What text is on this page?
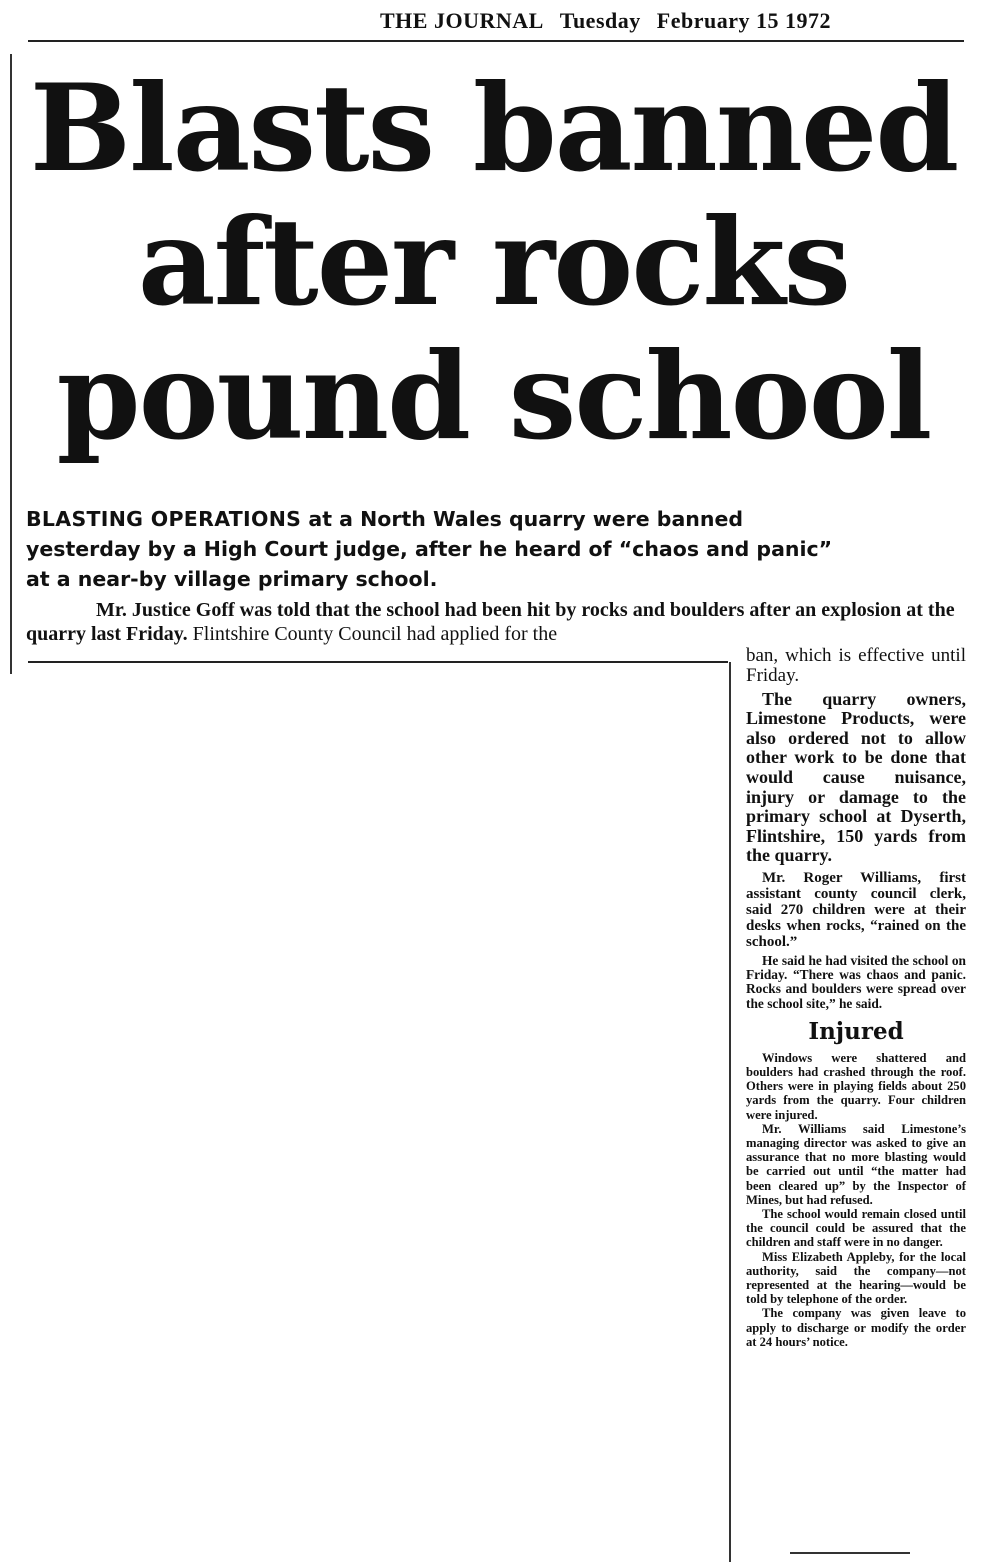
THE JOURNAL Tuesday February 15 1972
Blasts banned
after rocks
pound school

BLASTING OPERATIONS at a North Wales quarry were banned
yesterday by a High Court judge, after he heard of “chaos and panic”
at a near-by village primary school.

Mr. Justice Goff was told that the school had been hit by rocks and boulders after an explosion at the quarry last Friday. Flintshire County Council had applied for the

ban, which is effective until Friday.

The quarry owners, Limestone Products, were also ordered not to allow other work to be done that would cause nuisance, injury or damage to the primary school at Dyserth, Flintshire, 150 yards from the quarry.

Mr. Roger Williams, first assistant county council clerk, said 270 children were at their desks when rocks, “rained on the school.”

He said he had visited the school on Friday. “There was chaos and panic. Rocks and boulders were spread over the school site,” he said.

Injured

Windows were shattered and boulders had crashed through the roof. Others were in playing fields about 250 yards from the quarry. Four children were injured.

Mr. Williams said Limestone’s managing director was asked to give an assurance that no more blasting would be carried out until “the matter had been cleared up” by the Inspector of Mines, but had refused.

The school would remain closed until the council could be assured that the children and staff were in no danger.

Miss Elizabeth Appleby, for the local authority, said the company—not represented at the hearing—would be told by telephone of the order.

The company was given leave to apply to discharge or modify the order at 24 hours’ notice.
